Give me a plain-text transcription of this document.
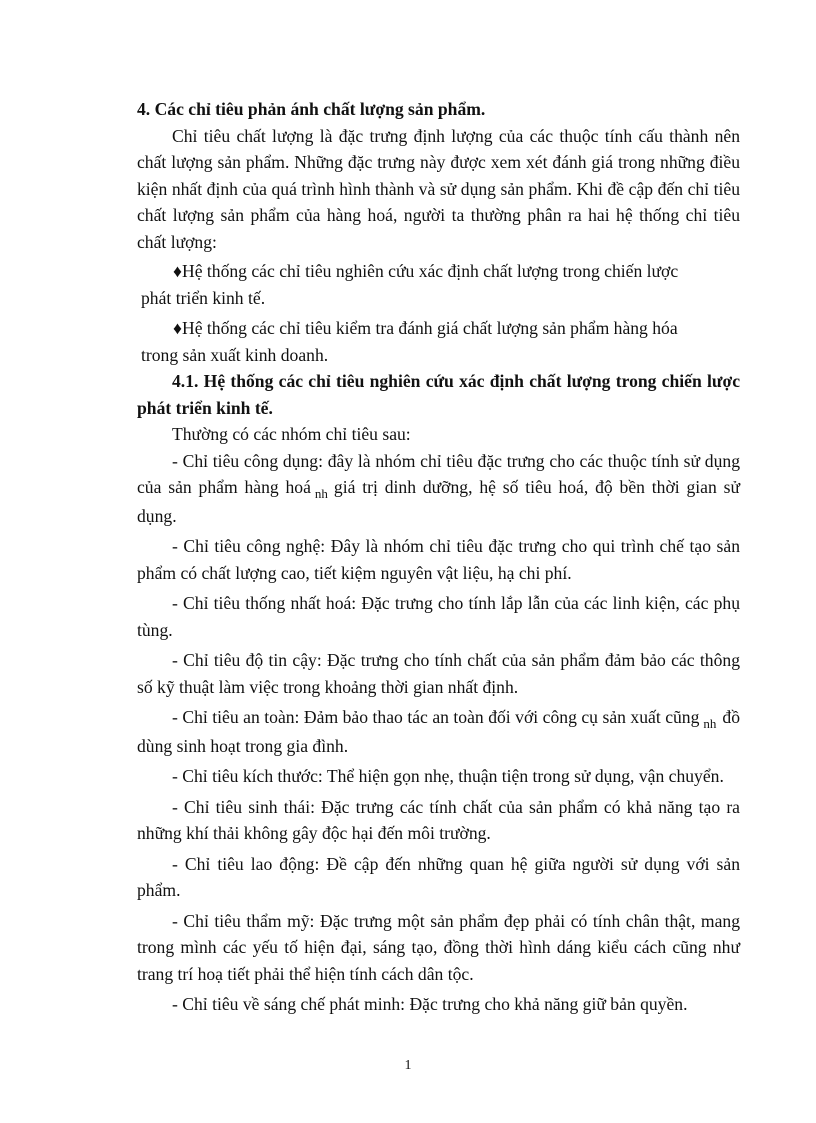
4. Các chỉ tiêu phản ánh chất lượng sản phẩm.

Chỉ tiêu chất lượng là đặc trưng định lượng của các thuộc tính cấu thành nên chất lượng sản phẩm. Những đặc trưng này được xem xét đánh giá trong những điều kiện nhất định của quá trình hình thành và sử dụng sản phẩm. Khi đề cập đến chỉ tiêu chất lượng sản phẩm của hàng hoá, người ta thường phân ra hai hệ thống chỉ tiêu chất lượng:

♦Hệ thống các chỉ tiêu nghiên cứu xác định chất lượng trong chiến lược
phát triển kinh tế.

♦Hệ thống các chỉ tiêu kiểm tra đánh giá chất lượng sản phẩm hàng hóa
trong sản xuất kinh doanh.

4.1. Hệ thống các chỉ tiêu nghiên cứu xác định chất lượng trong chiến lược phát triển kinh tế.

Thường có các nhóm chỉ tiêu sau:

- Chỉ tiêu công dụng: đây là nhóm chỉ tiêu đặc trưng cho các thuộc tính sử dụng của sản phẩm hàng hoá $_{nh}$ giá trị dinh dưỡng, hệ số tiêu hoá, độ bền thời gian sử dụng.

- Chỉ tiêu công nghệ: Đây là nhóm chỉ tiêu đặc trưng cho qui trình chế tạo sản phẩm có chất lượng cao, tiết kiệm nguyên vật liệu, hạ chi phí.

- Chỉ tiêu thống nhất hoá: Đặc trưng cho tính lắp lẫn của các linh kiện, các phụ tùng.

- Chỉ tiêu độ tin cậy: Đặc trưng cho tính chất của sản phẩm đảm bảo các thông số kỹ thuật làm việc trong khoảng thời gian nhất định.

- Chỉ tiêu an toàn: Đảm bảo thao tác an toàn đối với công cụ sản xuất cũng $_{nh}$ đồ dùng sinh hoạt trong gia đình.

- Chỉ tiêu kích thước: Thể hiện gọn nhẹ, thuận tiện trong sử dụng, vận chuyển.

- Chỉ tiêu sinh thái: Đặc trưng các tính chất của sản phẩm có khả năng tạo ra những khí thải không gây độc hại đến môi trường.

- Chỉ tiêu lao động: Đề cập đến những quan hệ giữa người sử dụng với sản phẩm.

- Chỉ tiêu thẩm mỹ: Đặc trưng một sản phẩm đẹp phải có tính chân thật, mang trong mình các yếu tố hiện đại, sáng tạo, đồng thời hình dáng kiểu cách cũng như trang trí hoạ tiết phải thể hiện tính cách dân tộc.

- Chỉ tiêu về sáng chế phát minh: Đặc trưng cho khả năng giữ bản quyền.

1
